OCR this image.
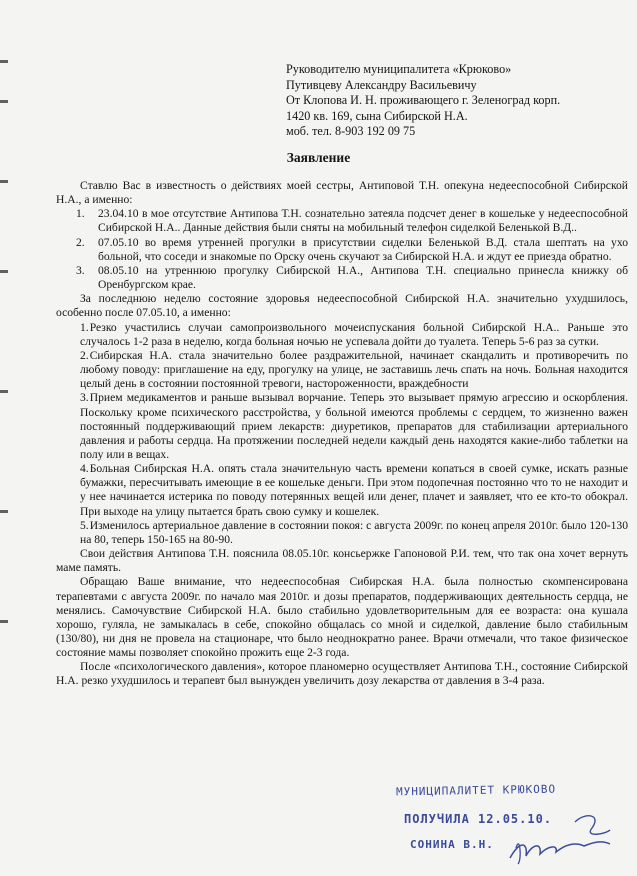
Руководителю муниципалитета «Крюково»
Путивцеву Александру Васильевичу
От Клопова И. Н. проживающего г. Зеленоград корп.
1420 кв. 169, сына Сибирской Н.А.
моб. тел. 8-903 192 09 75
Заявление
Ставлю Вас в известность о действиях моей сестры, Антиповой Т.Н. опекуна недееспособной Сибирской Н.А., а именно:
1. 23.04.10 в мое отсутствие Антипова Т.Н. сознательно затеяла подсчет денег в кошельке у недееспособной Сибирской Н.А.. Данные действия были сняты на мобильный телефон сиделкой Беленькой В.Д..
2. 07.05.10 во время утренней прогулки в присутствии сиделки Беленькой В.Д. стала шептать на ухо больной, что соседи и знакомые по Орску очень скучают за Сибирской Н.А. и ждут ее приезда обратно.
3. 08.05.10 на утреннюю прогулку Сибирской Н.А., Антипова Т.Н. специально принесла книжку об Оренбургском крае.
За последнюю неделю состояние здоровья недееспособной Сибирской Н.А. значительно ухудшилось, особенно после 07.05.10, а именно:
1.Резко участились случаи самопроизвольного мочеиспускания больной Сибирской Н.А.. Раньше это случалось 1-2 раза в неделю, когда больная ночью не успевала дойти до туалета. Теперь 5-6 раз за сутки.
2.Сибирская Н.А. стала значительно более раздражительной, начинает скандалить и противоречить по любому поводу: приглашение на еду, прогулку на улице, не заставишь лечь спать на ночь. Больная находится целый день в состоянии постоянной тревоги, настороженности, враждебности
3.Прием медикаментов и раньше вызывал ворчание. Теперь это вызывает прямую агрессию и оскорбления. Поскольку кроме психического расстройства, у больной имеются проблемы с сердцем, то жизненно важен постоянный поддерживающий прием лекарств: диуретиков, препаратов для стабилизации артериального давления и работы сердца. На протяжении последней недели каждый день находятся какие-либо таблетки на полу или в вещах.
4.Больная Сибирская Н.А. опять стала значительную часть времени копаться в своей сумке, искать разные бумажки, пересчитывать имеющие в ее кошельке деньги. При этом подопечная постоянно что то не находит и у нее начинается истерика по поводу потерянных вещей или денег, плачет и заявляет, что ее кто-то обокрал. При выходе на улицу пытается брать свою сумку и кошелек.
5.Изменилось артериальное давление в состоянии покоя: с августа 2009г. по конец апреля 2010г. было 120-130 на 80, теперь 150-165 на 80-90.
Свои действия Антипова Т.Н. пояснила 08.05.10г. консьержке Гапоновой Р.И. тем, что так она хочет вернуть маме память.
Обращаю Ваше внимание, что недееспособная Сибирская Н.А. была полностью скомпенсирована терапевтами с августа 2009г. по начало мая 2010г. и дозы препаратов, поддерживающих деятельность сердца, не менялись. Самочувствие Сибирской Н.А. было стабильно удовлетворительным для ее возраста: она кушала хорошо, гуляла, не замыкалась в себе, спокойно общалась со мной и сиделкой, давление было стабильным (130/80), ни дня не провела на стационаре, что было неоднократно ранее. Врачи отмечали, что такое физическое состояние мамы позволяет спокойно прожить еще 2-3 года.
После «психологического давления», которое планомерно осуществляет Антипова Т.Н., состояние Сибирской Н.А. резко ухудшилось и терапевт был вынужден увеличить дозу лекарства от давления в 3-4 раза.
МУНИЦИПАЛИТЕТ КРЮКОВО
ПОЛУЧИЛА 12.05.10.
СОНИНА В.Н.
